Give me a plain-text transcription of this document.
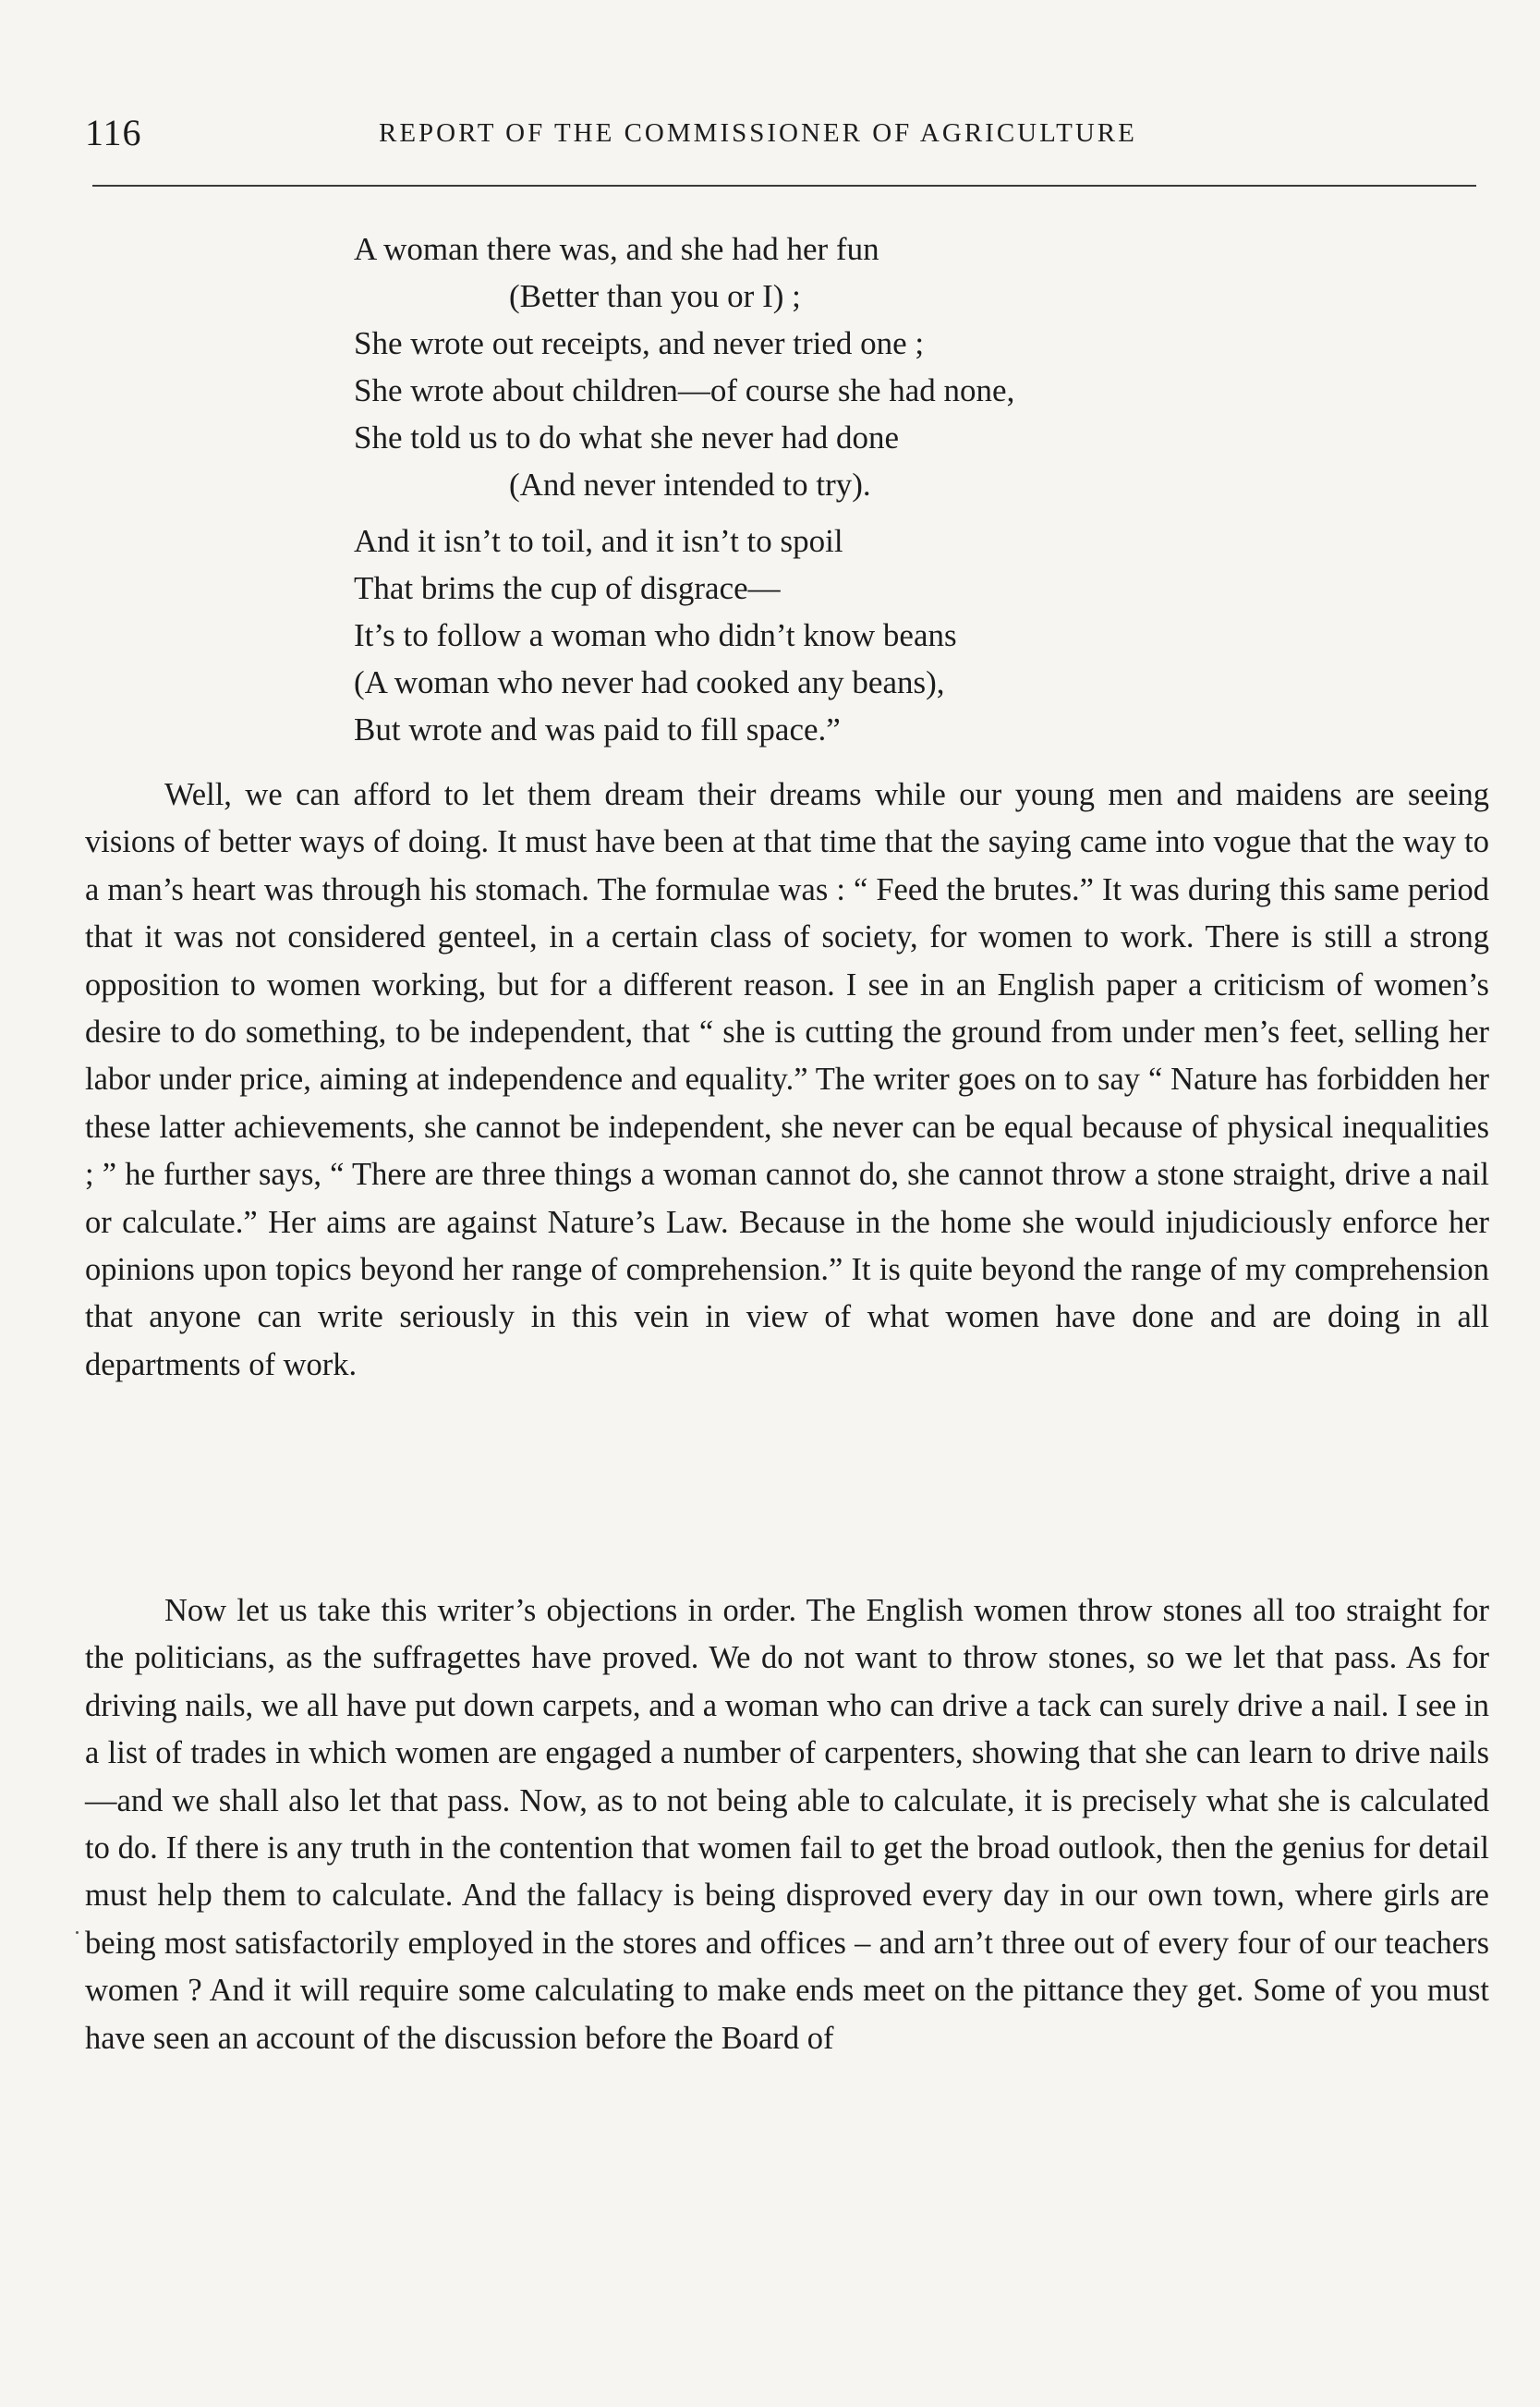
116	REPORT OF THE COMMISSIONER OF AGRICULTURE
A woman there was, and she had her fun
(Better than you or I) ;
She wrote out receipts, and never tried one ;
She wrote about children—of course she had none,
She told us to do what she never had done
(And never intended to try).
And it isn’t to toil, and it isn’t to spoil
That brims the cup of disgrace—
It’s to follow a woman who didn’t know beans
(A woman who never had cooked any beans),
But wrote and was paid to fill space.”

Well, we can afford to let them dream their dreams while our young men and maidens are seeing visions of better ways of doing. It must have been at that time that the saying came into vogue that the way to a man’s heart was through his stomach. The formulae was : “ Feed the brutes.” It was during this same period that it was not considered genteel, in a certain class of society, for women to work. There is still a strong opposition to women working, but for a different reason. I see in an English paper a criticism of women’s desire to do something, to be independent, that “ she is cutting the ground from under men’s feet, selling her labor under price, aiming at independence and equality.” The writer goes on to say “ Nature has forbidden her these latter achievements, she cannot be independent, she never can be equal because of physical inequalities ; ” he further says, “ There are three things a woman cannot do, she cannot throw a stone straight, drive a nail or calculate.” Her aims are against Nature’s Law. Because in the home she would injudiciously enforce her opinions upon topics beyond her range of comprehension.” It is quite beyond the range of my comprehension that anyone can write seriously in this vein in view of what women have done and are doing in all departments of work.

Now let us take this writer’s objections in order. The English women throw stones all too straight for the politicians, as the suffragettes have proved. We do not want to throw stones, so we let that pass. As for driving nails, we all have put down carpets, and a woman who can drive a tack can surely drive a nail. I see in a list of trades in which women are engaged a number of carpenters, showing that she can learn to drive nails—and we shall also let that pass. Now, as to not being able to calculate, it is precisely what she is calculated to do. If there is any truth in the contention that women fail to get the broad outlook, then the genius for detail must help them to calculate. And the fallacy is being disproved every day in our own town, where girls are being most satisfactorily employed in the stores and offices – and arn’t three out of every four of our teachers women ? And it will require some calculating to make ends meet on the pittance they get. Some of you must have seen an account of the discussion before the Board of
